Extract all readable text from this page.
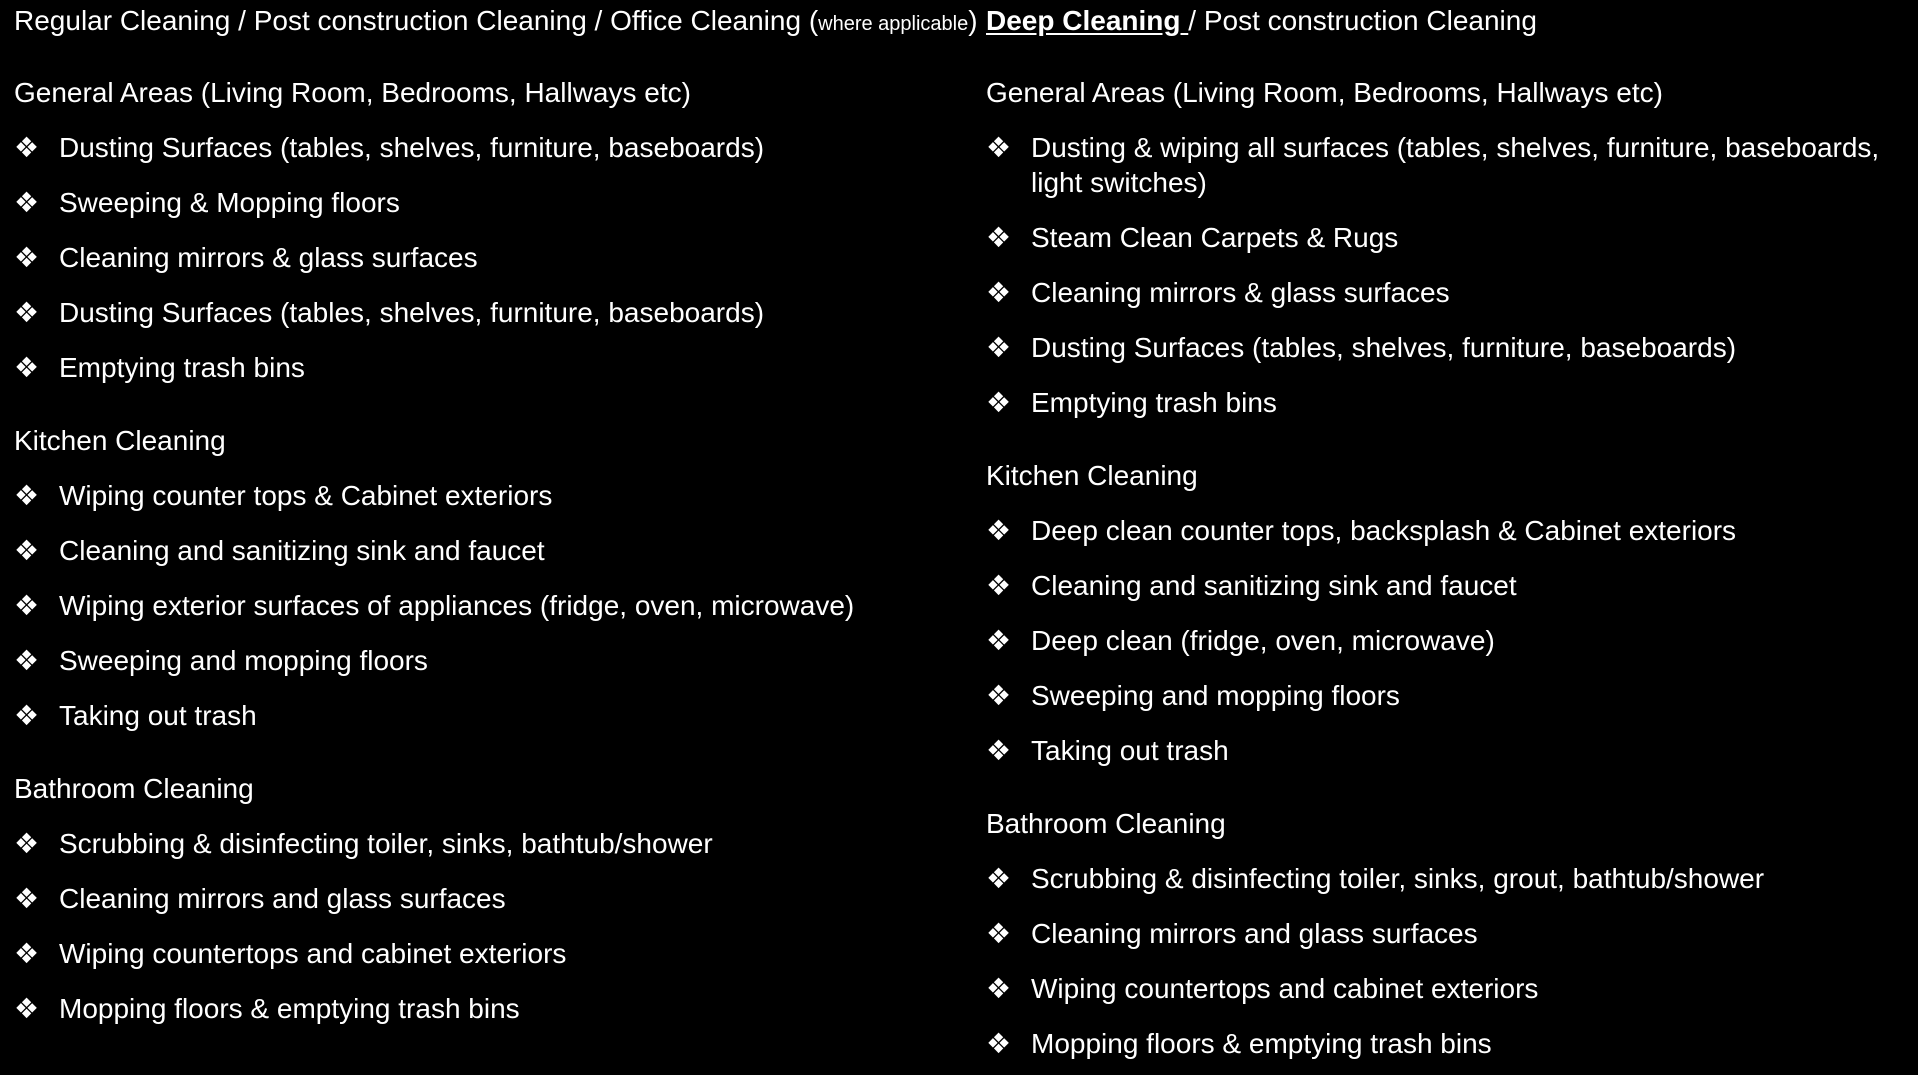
Regular Cleaning / Post construction Cleaning / Office Cleaning (where applicable)
General Areas (Living Room, Bedrooms, Hallways etc)
❖ Dusting Surfaces (tables, shelves, furniture, baseboards)
❖ Sweeping & Mopping floors
❖ Cleaning mirrors & glass surfaces
❖ Dusting Surfaces (tables, shelves, furniture, baseboards)
❖ Emptying trash bins
Kitchen Cleaning
❖ Wiping counter tops & Cabinet exteriors
❖ Cleaning and sanitizing sink and faucet
❖ Wiping exterior surfaces of appliances (fridge, oven, microwave)
❖ Sweeping and mopping floors
❖ Taking out trash
Bathroom Cleaning
❖ Scrubbing & disinfecting toiler, sinks, bathtub/shower
❖ Cleaning mirrors and glass surfaces
❖ Wiping countertops and cabinet exteriors
❖ Mopping floors & emptying trash bins
Deep Cleaning / Post construction Cleaning
General Areas (Living Room, Bedrooms, Hallways etc)
❖ Dusting & wiping all surfaces (tables, shelves, furniture, baseboards, light switches)
❖ Steam Clean Carpets & Rugs
❖ Cleaning mirrors & glass surfaces
❖ Dusting Surfaces (tables, shelves, furniture, baseboards)
❖ Emptying trash bins
Kitchen Cleaning
❖ Deep clean counter tops, backsplash & Cabinet exteriors
❖ Cleaning and sanitizing sink and faucet
❖ Deep clean (fridge, oven, microwave)
❖ Sweeping and mopping floors
❖ Taking out trash
Bathroom Cleaning
❖ Scrubbing & disinfecting toiler, sinks, grout, bathtub/shower
❖ Cleaning mirrors and glass surfaces
❖ Wiping countertops and cabinet exteriors
❖ Mopping floors & emptying trash bins
